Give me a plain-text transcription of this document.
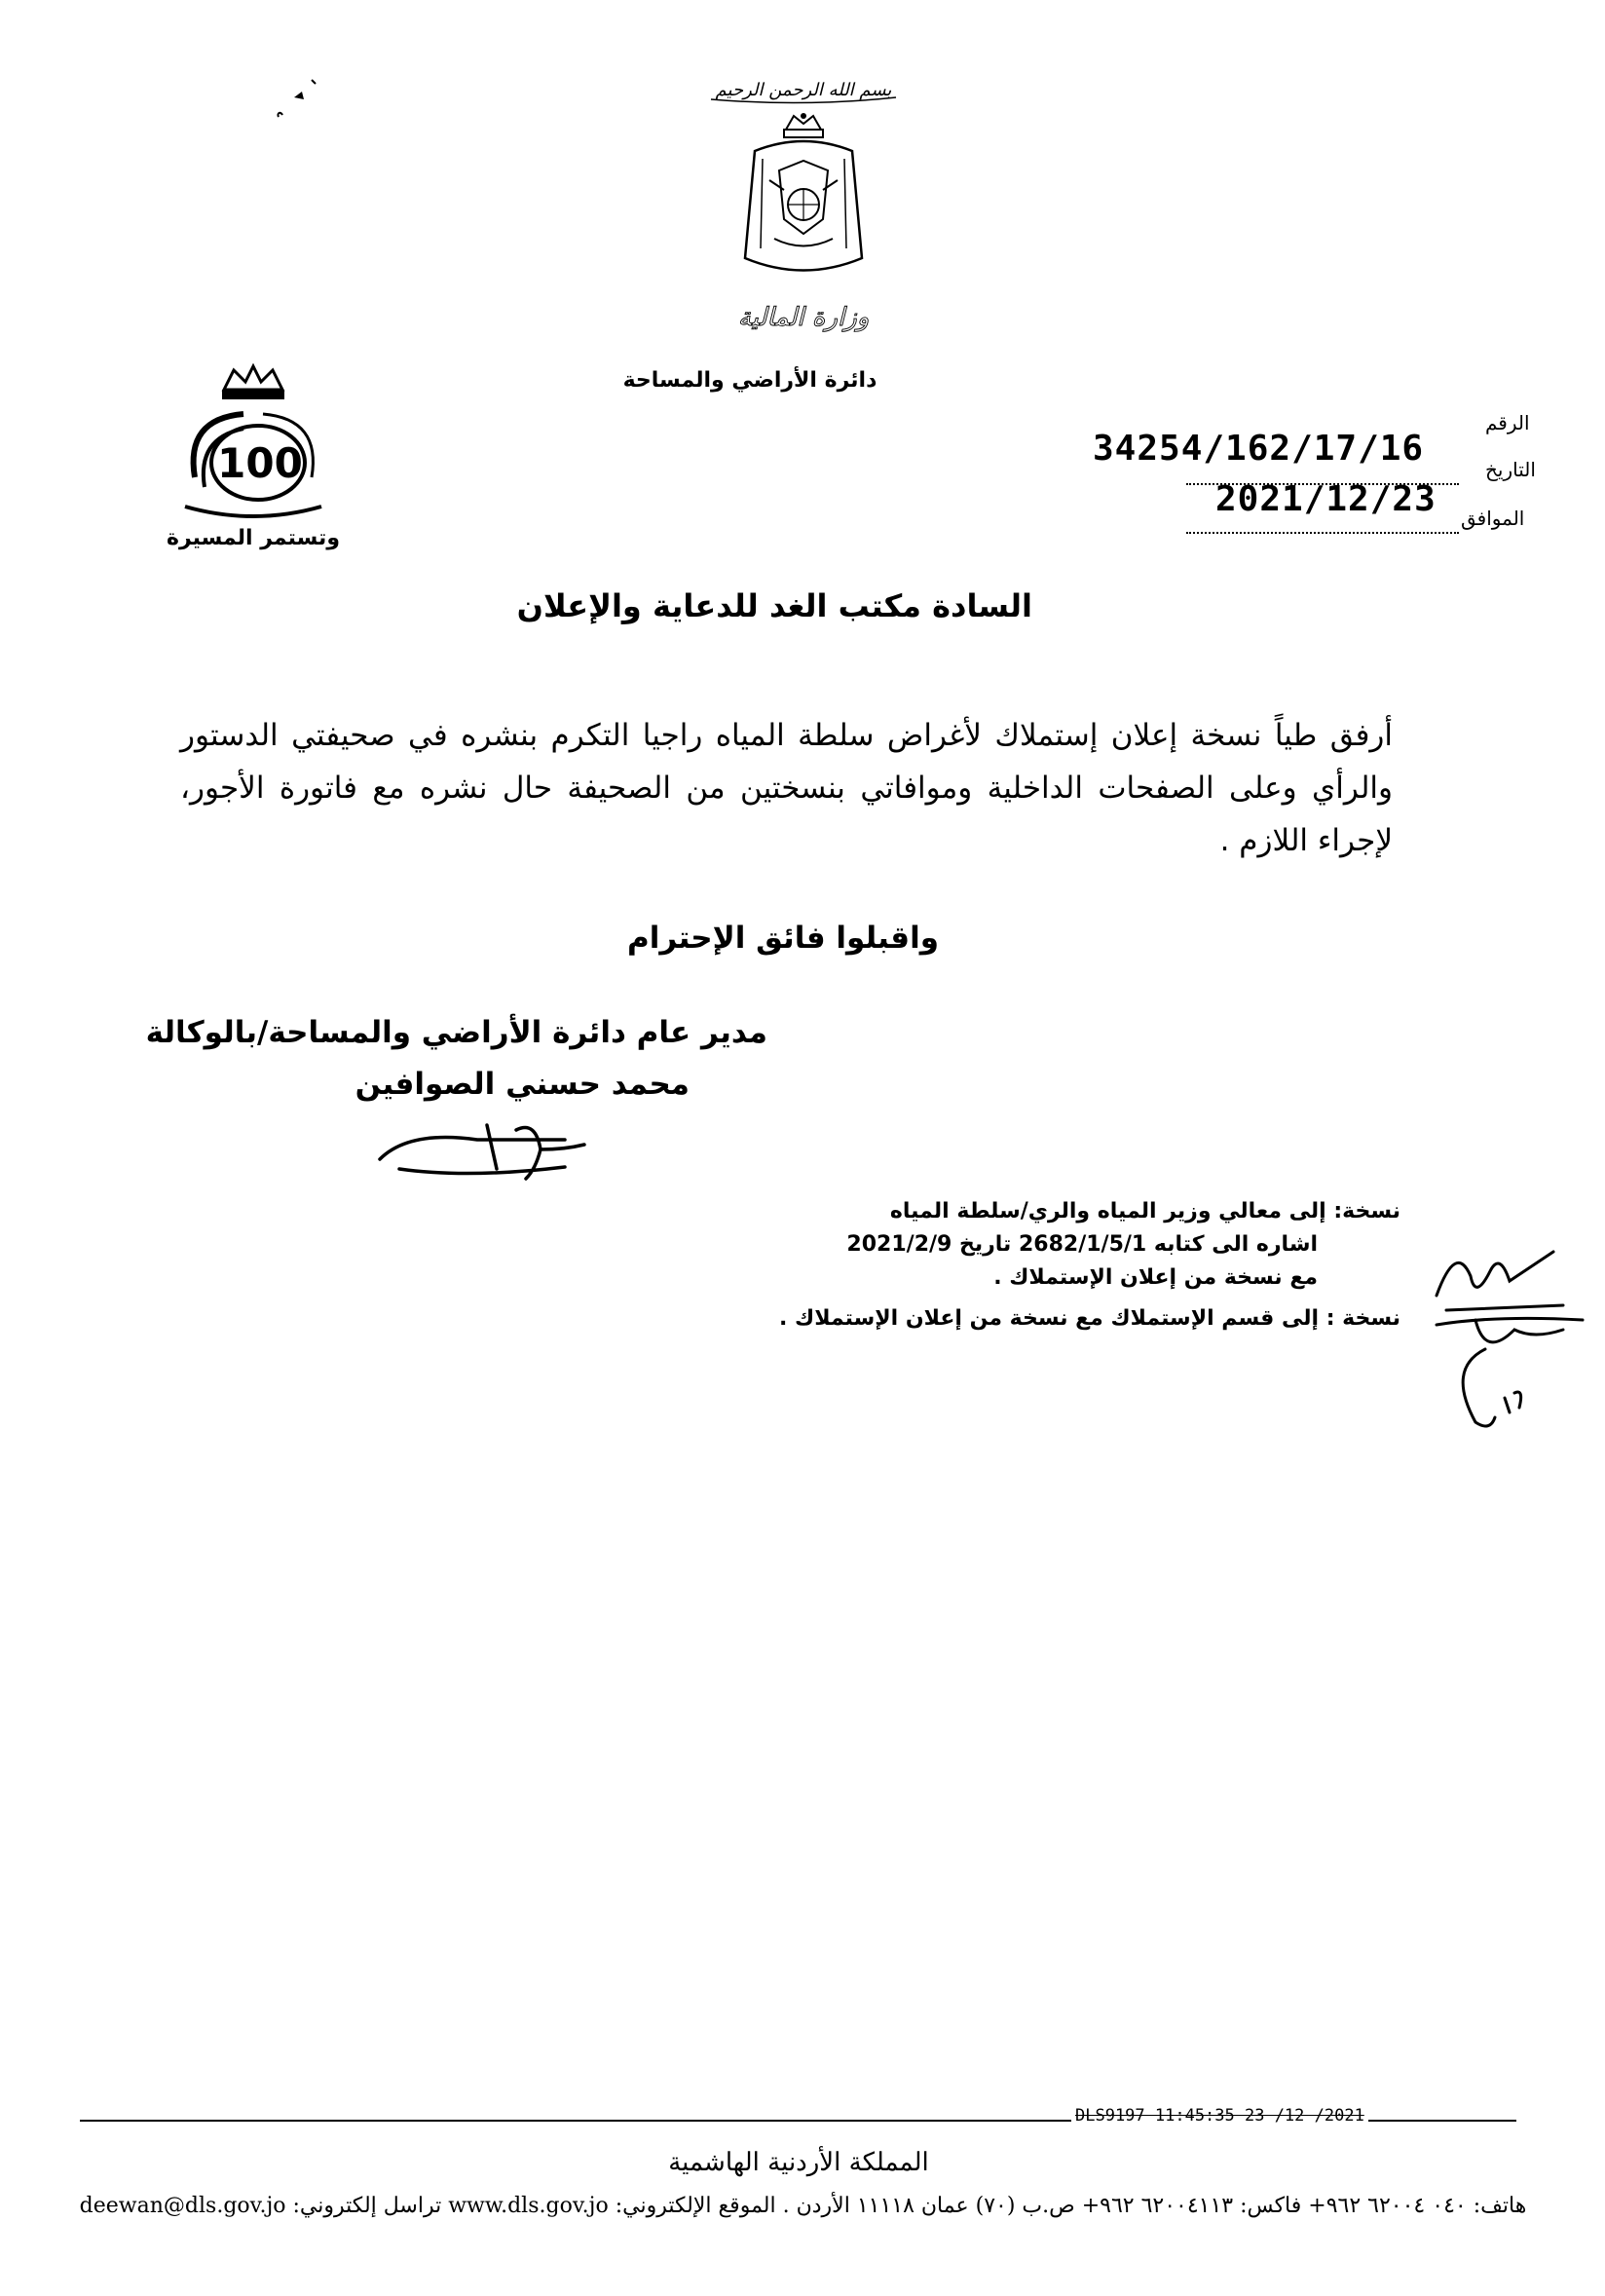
بسم الله الرحمن الرحيم
وزارة المالية
دائرة الأراضي والمساحة
100
وتستمر المسيرة
الرقم
التاريخ
الموافق
34254/162/17/16
2021/12/23
السادة مكتب الغد للدعاية والإعلان
أرفق طياً نسخة إعلان إستملاك لأغراض سلطة المياه راجيا التكرم بنشره في صحيفتي الدستور والرأي وعلى الصفحات الداخلية وموافاتي بنسختين من الصحيفة حال نشره مع فاتورة الأجور، لإجراء اللازم .
واقبلوا فائق الإحترام
مدير عام دائرة الأراضي والمساحة/بالوكالة
محمد حسني الصوافين
نسخة: إلى معالي وزير المياه والري/سلطة المياه
اشاره الى كتابه 2682/1/5/1 تاريخ 2021/2/9
مع نسخة من إعلان الإستملاك .
نسخة : إلى قسم الإستملاك مع نسخة من إعلان الإستملاك .
DLS9197 11:45:35 23 /12 /2021
المملكة الأردنية الهاشمية
هاتف: ٠٤٠ ٦٢٠٠٤ ٩٦٢+ فاكس: ٦٢٠٠٤١١٣ ٩٦٢+ ص.ب (٧٠) عمان ١١١١٨ الأردن . الموقع الإلكتروني: www.dls.gov.jo تراسل إلكتروني: deewan@dls.gov.jo
